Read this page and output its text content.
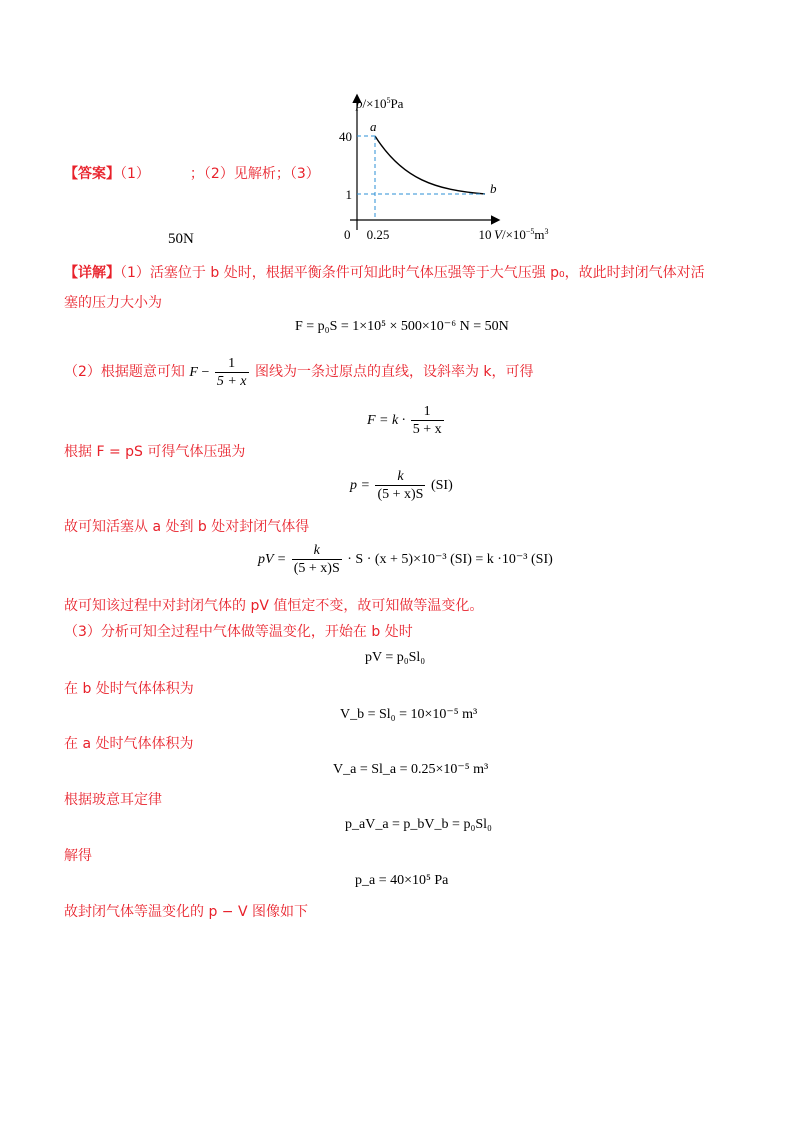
【答案】（1）	；（2）见解析；（3）
50N
$p/\times 10^5Pa$
$V/\times 10^{-5}m^3$
0 0.25	10
40
1
a
b
【详解】（1）活塞位于 b 处时，根据平衡条件可知此时气体压强等于大气压强 p₀，故此时封闭气体对活
塞的压力大小为
F = p₀S = 1×10⁵ × 500×10⁻⁶ N = 50N
（2）根据题意可知 $F - \frac{1}{5 + x}$ 图线为一条过原点的直线，设斜率为 k，可得
$F = k \cdot \frac{1}{5 + x}$
根据 F = pS 可得气体压强为
$p = \frac{k}{(5 + x)S} (SI)$
故可知活塞从 a 处到 b 处对封闭气体得
pV = $\frac{k}{(5 + x)S} \cdot S \cdot (x + 5)\times 10^{-3}$ (SI) = k ·10⁻³ (SI)
故可知该过程中对封闭气体的 pV 值恒定不变，故可知做等温变化。
（3）分析可知全过程中气体做等温变化，开始在 b 处时
pV = p₀Sl₀
在 b 处时气体体积为
V_b = Sl₀ = 10×10⁻⁵ m³
在 a 处时气体体积为
V_a = Sl_a = 0.25×10⁻⁵ m³
根据玻意耳定律
p_aV_a = p_bV_b = p₀Sl₀
解得
p_a = 40×10⁵ Pa
故封闭气体等温变化的 p − V 图像如下
